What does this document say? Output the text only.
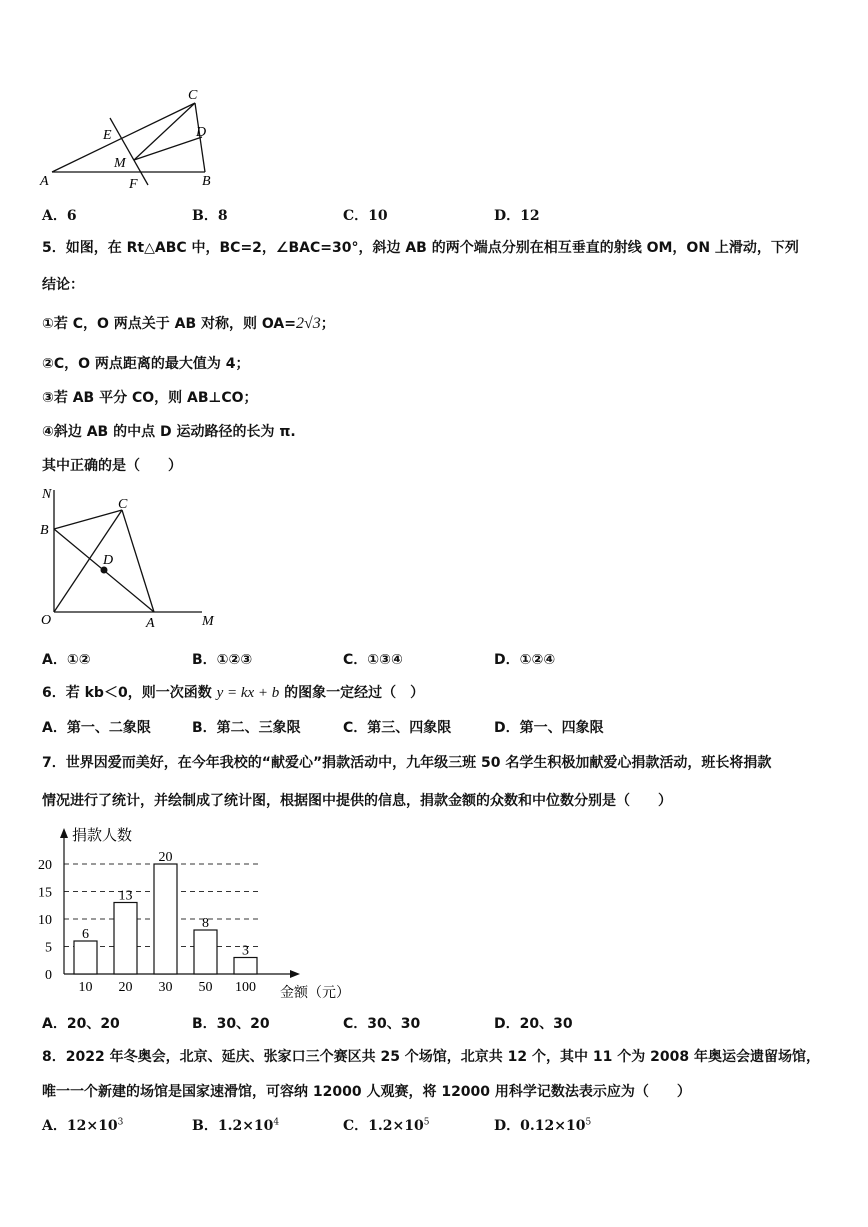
C
D
E
M
A	F	B
A．6	B．8	C．10	D．12
5．如图，在 Rt△ABC 中，BC=2，∠BAC=30°，斜边 AB 的两个端点分别在相互垂直的射线 OM，ON 上滑动，下列
结论：
①若 C，O 两点关于 AB 对称，则 OA=2√3；
②C，O 两点距离的最大值为 4；
③若 AB 平分 CO，则 AB⊥CO；
④斜边 AB 的中点 D 运动路径的长为 π.
其中正确的是（　　）
N
B
C
D
O	A	M
A．①②	B．①②③	C．①③④	D．①②④
6．若 kb＜0，则一次函数 y = kx + b 的图象一定经过（　）
A．第一、二象限	B．第二、三象限	C．第三、四象限	D．第一、四象限
7．世界因爱而美好，在今年我校的“献爱心”捐款活动中，九年级三班 50 名学生积极加献爱心捐款活动，班长将捐款
情况进行了统计，并绘制成了统计图，根据图中提供的信息，捐款金额的众数和中位数分别是（　　）
0
5
10
15
20
捐款人数
金额（元）
6
10
13
20
20
30
8
50
3
100
A．20、20	B．30、20	C．30、30	D．20、30
8．2022 年冬奥会，北京、延庆、张家口三个赛区共 25 个场馆，北京共 12 个，其中 11 个为 2008 年奥运会遗留场馆，
唯一一个新建的场馆是国家速滑馆，可容纳 12000 人观赛，将 12000 用科学记数法表示应为（　　）
A．$12\times 10^3$	B．$1.2\times 10^4$	C．$1.2\times 10^5$	D．$0.12\times 10^5$
